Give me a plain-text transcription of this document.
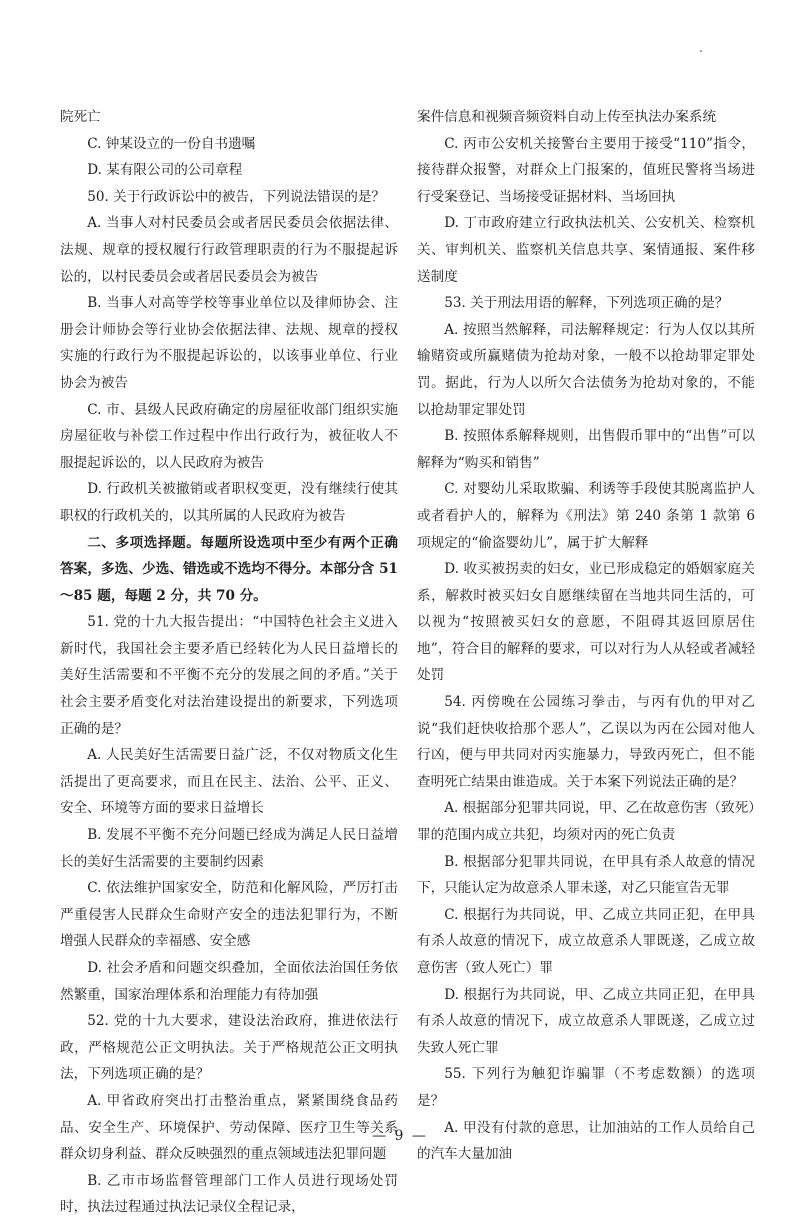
院死亡

C. 钟某设立的一份自书遗嘱

D. 某有限公司的公司章程

50. 关于行政诉讼中的被告，下列说法错误的是？

A. 当事人对村民委员会或者居民委员会依据法律、法规、规章的授权履行行政管理职责的行为不服提起诉讼的，以村民委员会或者居民委员会为被告

B. 当事人对高等学校等事业单位以及律师协会、注册会计师协会等行业协会依据法律、法规、规章的授权实施的行政行为不服提起诉讼的，以该事业单位、行业协会为被告

C. 市、县级人民政府确定的房屋征收部门组织实施房屋征收与补偿工作过程中作出行政行为，被征收人不服提起诉讼的，以人民政府为被告

D. 行政机关被撤销或者职权变更，没有继续行使其职权的行政机关的，以其所属的人民政府为被告

二、多项选择题。每题所设选项中至少有两个正确答案，多选、少选、错选或不选均不得分。本部分含 51～85 题，每题 2 分，共 70 分。

51. 党的十九大报告提出：“中国特色社会主义进入新时代，我国社会主要矛盾已经转化为人民日益增长的美好生活需要和不平衡不充分的发展之间的矛盾。”关于社会主要矛盾变化对法治建设提出的新要求，下列选项正确的是？

A. 人民美好生活需要日益广泛，不仅对物质文化生活提出了更高要求，而且在民主、法治、公平、正义、安全、环境等方面的要求日益增长

B. 发展不平衡不充分问题已经成为满足人民日益增长的美好生活需要的主要制约因素

C. 依法维护国家安全，防范和化解风险，严厉打击严重侵害人民群众生命财产安全的违法犯罪行为，不断增强人民群众的幸福感、安全感

D. 社会矛盾和问题交织叠加，全面依法治国任务依然繁重，国家治理体系和治理能力有待加强

52. 党的十九大要求，建设法治政府，推进依法行政，严格规范公正文明执法。关于严格规范公正文明执法，下列选项正确的是？

A. 甲省政府突出打击整治重点，紧紧围绕食品药品、安全生产、环境保护、劳动保障、医疗卫生等关系群众切身利益、群众反映强烈的重点领域违法犯罪问题

B. 乙市市场监督管理部门工作人员进行现场处罚时，执法过程通过执法记录仪全程记录，

案件信息和视频音频资料自动上传至执法办案系统

C. 丙市公安机关接警台主要用于接受“110”指令，接待群众报警，对群众上门报案的，值班民警将当场进行受案登记、当场接受证据材料、当场回执

D. 丁市政府建立行政执法机关、公安机关、检察机关、审判机关、监察机关信息共享、案情通报、案件移送制度

53. 关于刑法用语的解释，下列选项正确的是？

A. 按照当然解释，司法解释规定：行为人仅以其所输赌资或所赢赌债为抢劫对象，一般不以抢劫罪定罪处罚。据此，行为人以所欠合法债务为抢劫对象的，不能以抢劫罪定罪处罚

B. 按照体系解释规则，出售假币罪中的“出售”可以解释为“购买和销售”

C. 对婴幼儿采取欺骗、利诱等手段使其脱离监护人或者看护人的，解释为《刑法》第 240 条第 1 款第 6 项规定的“偷盗婴幼儿”，属于扩大解释

D. 收买被拐卖的妇女，业已形成稳定的婚姻家庭关系，解救时被买妇女自愿继续留在当地共同生活的，可以视为“按照被买妇女的意愿，不阻碍其返回原居住地”，符合目的解释的要求，可以对行为人从轻或者减轻处罚

54. 丙傍晚在公园练习拳击，与丙有仇的甲对乙说“我们赶快收拾那个恶人”，乙误以为丙在公园对他人行凶，便与甲共同对丙实施暴力，导致丙死亡，但不能查明死亡结果由谁造成。关于本案下列说法正确的是？

A. 根据部分犯罪共同说，甲、乙在故意伤害（致死）罪的范围内成立共犯，均须对丙的死亡负责

B. 根据部分犯罪共同说，在甲具有杀人故意的情况下，只能认定为故意杀人罪未遂，对乙只能宣告无罪

C. 根据行为共同说，甲、乙成立共同正犯，在甲具有杀人故意的情况下，成立故意杀人罪既遂，乙成立故意伤害（致人死亡）罪

D. 根据行为共同说，甲、乙成立共同正犯，在甲具有杀人故意的情况下，成立故意杀人罪既遂，乙成立过失致人死亡罪

55. 下列行为触犯诈骗罪（不考虑数额）的选项是？

A. 甲没有付款的意思，让加油站的工作人员给自己的汽车大量加油

— 9 —
